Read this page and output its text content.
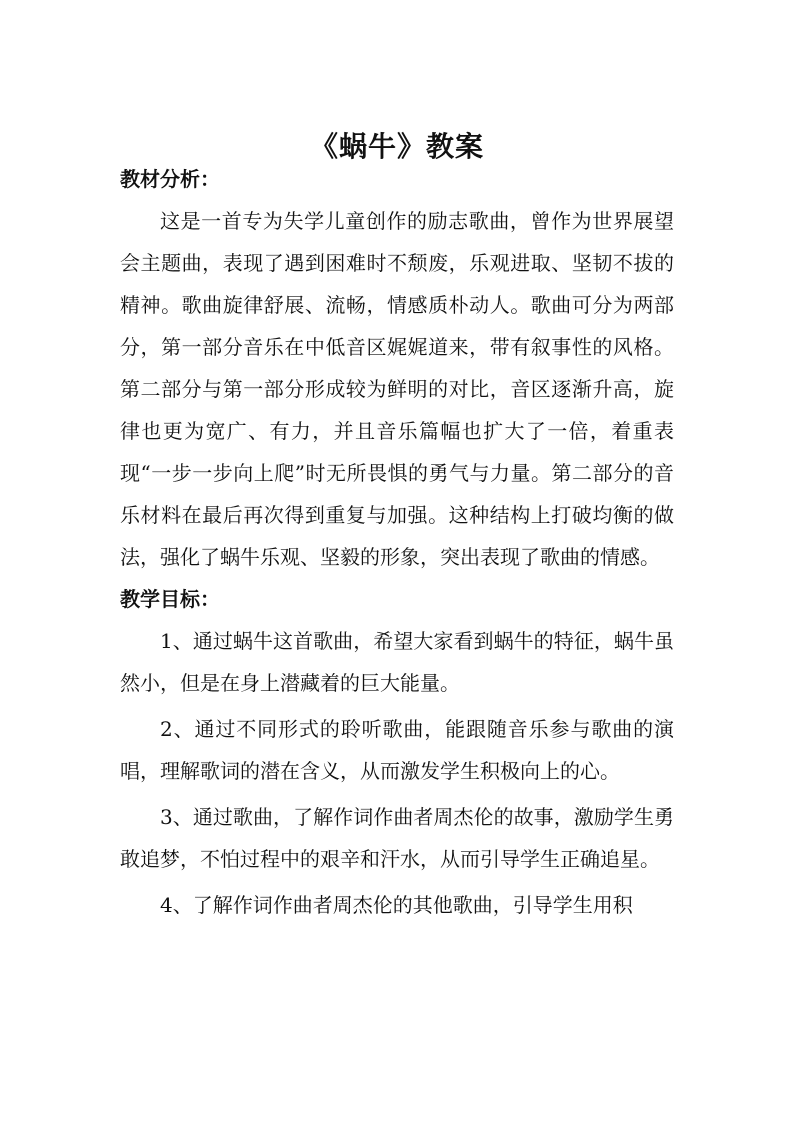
《蜗牛》教案

教材分析：

这是一首专为失学儿童创作的励志歌曲，曾作为世界展望会主题曲，表现了遇到困难时不颓废，乐观进取、坚韧不拔的精神。歌曲旋律舒展、流畅，情感质朴动人。歌曲可分为两部分，第一部分音乐在中低音区娓娓道来，带有叙事性的风格。第二部分与第一部分形成较为鲜明的对比，音区逐渐升高，旋律也更为宽广、有力，并且音乐篇幅也扩大了一倍，着重表现“一步一步向上爬”时无所畏惧的勇气与力量。第二部分的音乐材料在最后再次得到重复与加强。这种结构上打破均衡的做法，强化了蜗牛乐观、坚毅的形象，突出表现了歌曲的情感。

教学目标：

1、通过蜗牛这首歌曲，希望大家看到蜗牛的特征，蜗牛虽然小，但是在身上潜藏着的巨大能量。

2、通过不同形式的聆听歌曲，能跟随音乐参与歌曲的演唱，理解歌词的潜在含义，从而激发学生积极向上的心。

3、通过歌曲，了解作词作曲者周杰伦的故事，激励学生勇敢追梦，不怕过程中的艰辛和汗水，从而引导学生正确追星。

4、了解作词作曲者周杰伦的其他歌曲，引导学生用积
